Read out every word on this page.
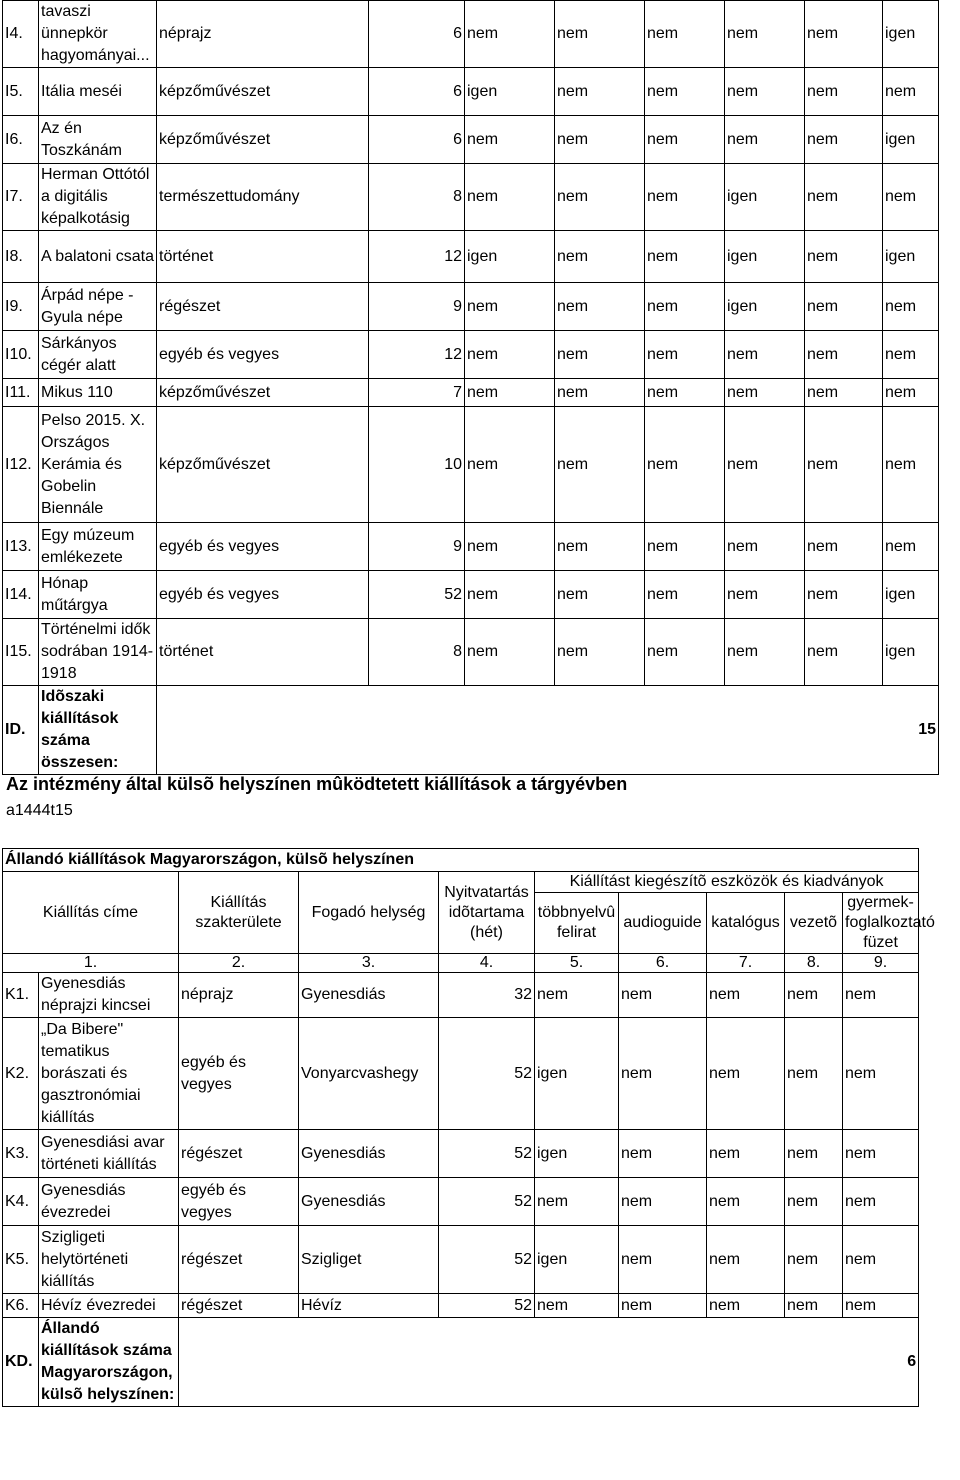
I4.	tavaszi ünnepkör hagyományai...	néprajz	6	nem	nem	nem	nem	nem	igen
I5.	Itália meséi	képzőművészet	6	igen	nem	nem	nem	nem	nem
I6.	Az én Toszkánám	képzőművészet	6	nem	nem	nem	nem	nem	igen
I7.	Herman Ottótól a digitális képalkotásig	természettudomány	8	nem	nem	nem	igen	nem	nem
I8.	A balatoni csata	történet	12	igen	nem	nem	igen	nem	igen
I9.	Árpád népe - Gyula népe	régészet	9	nem	nem	nem	igen	nem	nem
I10.	Sárkányos cégér alatt	egyéb és vegyes	12	nem	nem	nem	nem	nem	nem
I11.	Mikus 110	képzőművészet	7	nem	nem	nem	nem	nem	nem
I12.	Pelso 2015. X. Országos Kerámia és Gobelin Biennále	képzőművészet	10	nem	nem	nem	nem	nem	nem
I13.	Egy múzeum emlékezete	egyéb és vegyes	9	nem	nem	nem	nem	nem	nem
I14.	Hónap műtárgya	egyéb és vegyes	52	nem	nem	nem	nem	nem	igen
I15.	Történelmi idők sodrában 1914-1918	történet	8	nem	nem	nem	nem	nem	igen
ID.	Idõszaki kiállítások száma összesen:	15							
Az intézmény által külsõ helyszínen mûködtetett kiállítások a tárgyévben
a1444t15
Állandó kiállítások Magyarországon, külsõ helyszínen									
Kiállítás címe		Kiállítás szakterülete	Fogadó helység	Nyitvatartás idõtartama (hét)	Kiállítást kiegészítõ eszközök és kiadványok				
					többnyelvû felirat	audioguide	katalógus	vezetõ	gyermek- foglalkoztató füzet
1.		2.	3.	4.	5.	6.	7.	8.	9.
K1.	Gyenesdiás néprajzi kincsei	néprajz	Gyenesdiás	32	nem	nem	nem	nem	nem
K2.	„Da Bibere" tematikus borászati és gasztronómiai kiállítás	egyéb és vegyes	Vonyarcvashegy	52	igen	nem	nem	nem	nem
K3.	Gyenesdiási avar történeti kiállítás	régészet	Gyenesdiás	52	igen	nem	nem	nem	nem
K4.	Gyenesdiás évezredei	egyéb és vegyes	Gyenesdiás	52	nem	nem	nem	nem	nem
K5.	Szigligeti helytörténeti kiállítás	régészet	Szigliget	52	igen	nem	nem	nem	nem
K6.	Hévíz évezredei	régészet	Hévíz	52	nem	nem	nem	nem	nem
KD.	Állandó kiállítások száma Magyarországon, külsõ helyszínen:	6							
